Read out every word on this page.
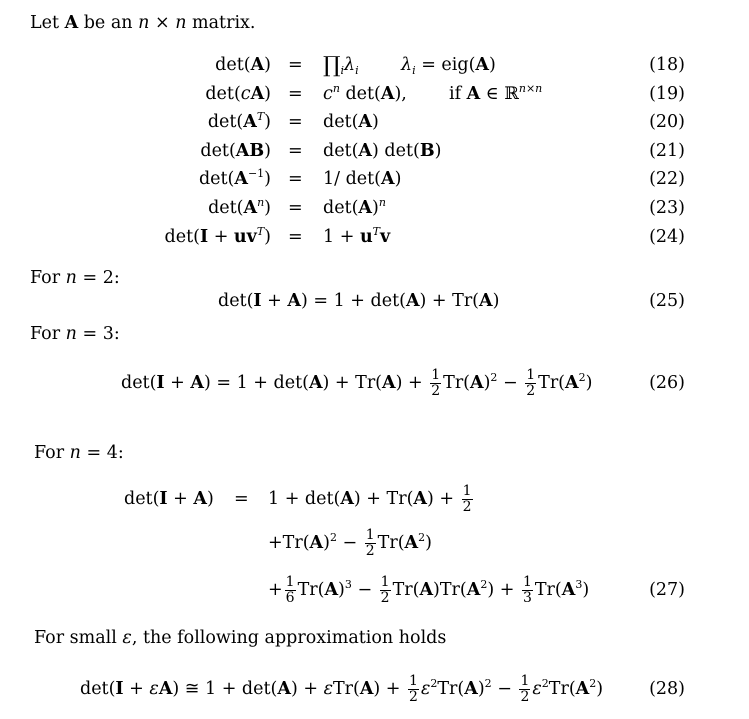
Let A be an n × n matrix.
$\det(A) = \prod_i\lambda_i$ $\lambda_i = eig(A)$	(18)
$\det(cA) = c^n$ det(A), if A ∈ ℝ$^{n\times n}$	(19)
$\det(A^T) = \det(A)$	(20)
det(AB) = det(A) det(B)	(21)
$\det(A^{-1}) = 1/$ det(A)	(22)
$\det(A^n) = \det(A)^n$	(23)
$\det(I + uv^T) = 1 + u^Tv$	(24)
For n = 2:
det(I + A) = 1 + det(A) + Tr(A)	(25)
For n = 3:
$\det(I + A) = 1 + \det(A) + Tr(A) + \frac{1}{2} Tr(A)^2 - \frac{1}{2} Tr(A^2)$	(26)
For n = 4:
$\det(I + A) = 1 + \det(A) + Tr(A) + \frac{1}{2}$
$+Tr(A)^2 - \frac{1}{2} Tr(A^2)$
+ $\frac{1}{6} Tr(A)^3 - \frac{1}{2} Tr(A)Tr(A^2) + \frac{1}{3} Tr(A^3)$	(27)
For small ε, the following approximation holds
det(I + εA) ≅ $1 + \det(A) + \varepsilon Tr(A) + \frac{1}{2} \varepsilon^2Tr(A)^2 - \frac{1}{2} \varepsilon^2Tr(A^2)$	(28)
